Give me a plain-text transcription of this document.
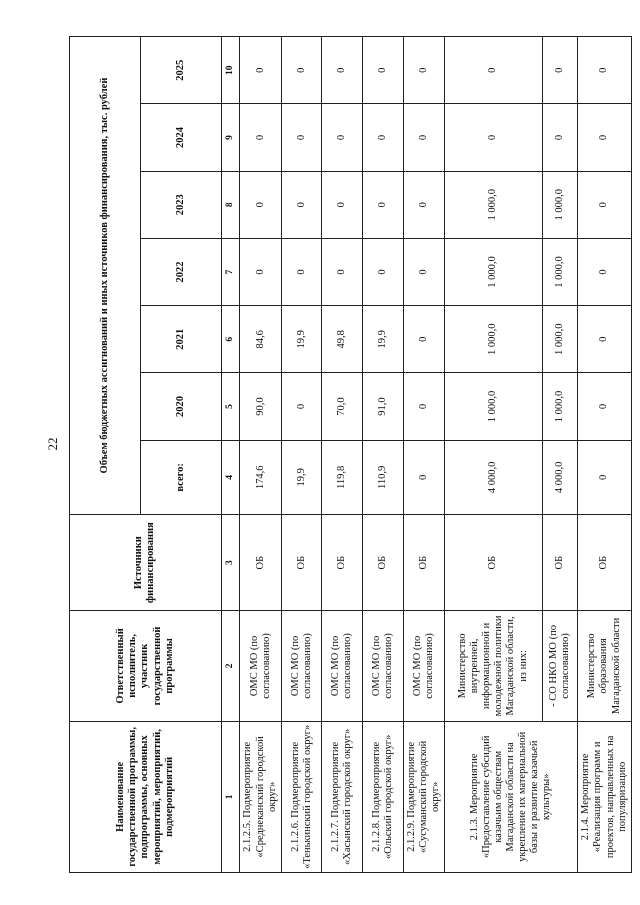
22
Наименование государственной программы, подпрограммы, основных мероприятий, мероприятий, подмероприятий	Ответственный исполнитель, участник государственной программы	Источники финансирования	Объем бюджетных ассигнований и иных источников финансирования, тыс. рублей						
			всего:	2020	2021	2022	2023	2024	2025
1	2	3	4	5	6	7	8	9	10
2.1.2.5. Подмероприятие «Среднеканский городской округ»	ОМС МО (по согласованию)	ОБ	174,6	90,0	84,6	0	0	0	0
2.1.2.6. Подмероприятие «Тенькинский городской округ»	ОМС МО (по согласованию)	ОБ	19,9	0	19,9	0	0	0	0
2.1.2.7. Подмероприятие «Хасынский городской округ»	ОМС МО (по согласованию)	ОБ	119,8	70,0	49,8	0	0	0	0
2.1.2.8. Подмероприятие «Ольский городской округ»	ОМС МО (по согласованию)	ОБ	110,9	91,0	19,9	0	0	0	0
2.1.2.9. Подмероприятие «Сусуманский городской округ»	ОМС МО (по согласованию)	ОБ	0	0	0	0	0	0	0
2.1.3. Мероприятие «Предоставление субсидий казачьим обществам Магаданской области на укрепление их материальной базы и развитие казачьей культуры»	Министерство внутренней, информационной и молодежной политики Магаданской области, из них:	ОБ	4 000,0	1 000,0	1 000,0	1 000,0	1 000,0	0	0
	- СО НКО МО (по согласованию)	ОБ	4 000,0	1 000,0	1 000,0	1 000,0	1 000,0	0	0
2.1.4. Мероприятие «Реализация программ и проектов, направленных на популяризацию	Министерство образования Магаданской области	ОБ	0	0	0	0	0	0	0
